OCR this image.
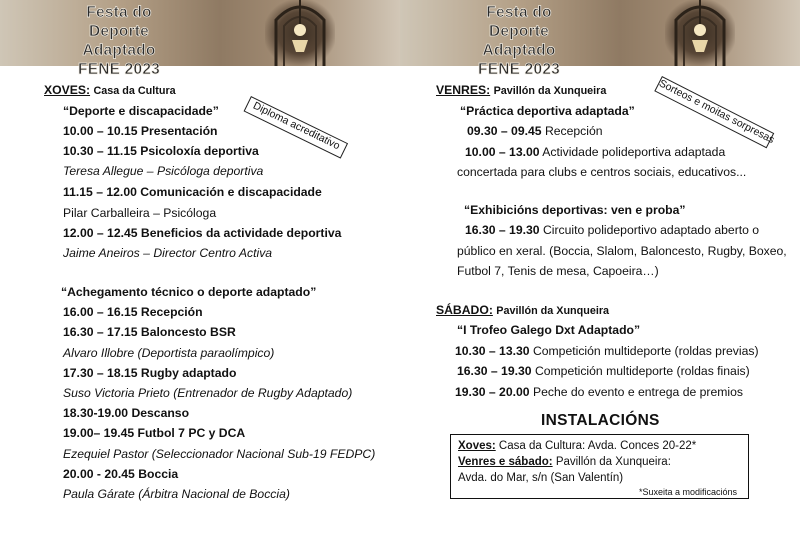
Festa do
Deporte Adaptado
FENE 2023
Festa do
Deporte Adaptado
FENE 2023
XOVES: Casa da Cultura
Diploma acreditativo
“Deporte e discapacidade”
10.00 – 10.15 Presentación
10.30 – 11.15 Psicoloxía deportiva
Teresa Allegue – Psicóloga deportiva
11.15 – 12.00 Comunicación e discapacidade
Pilar Carballeira – Psicóloga
12.00 – 12.45 Beneficios da actividade deportiva
Jaime Aneiros – Director Centro Activa
“Achegamento técnico o deporte adaptado”
16.00 – 16.15 Recepción
16.30 – 17.15 Baloncesto BSR
Alvaro Illobre (Deportista paraolímpico)
17.30 – 18.15 Rugby adaptado
Suso Victoria Prieto (Entrenador de Rugby Adaptado)
18.30-19.00 Descanso
19.00– 19.45 Futbol 7 PC y DCA
Ezequiel Pastor (Seleccionador Nacional Sub-19 FEDPC)
20.00 - 20.45 Boccia
Paula Gárate (Árbitra Nacional de Boccia)
VENRES: Pavillón da Xunqueira	Sorteos e moitas sorpresas
“Práctica deportiva adaptada”
09.30 – 09.45 Recepción
10.00 – 13.00 Actividade polideportiva adaptada
concertada para clubs e centros sociais, educativos...
“Exhibicións deportivas: ven e proba”
16.30 – 19.30 Circuito polideportivo adaptado aberto o
público en xeral. (Boccia, Slalom, Baloncesto, Rugby, Boxeo,
Futbol 7, Tenis de mesa, Capoeira…)
SÁBADO: Pavillón da Xunqueira
“I Trofeo Galego Dxt Adaptado”
10.30 – 13.30 Competición multideporte (roldas previas)
16.30 – 19.30 Competición multideporte (roldas finais)
19.30 – 20.00 Peche do evento e entrega de premios
INSTALACIÓNS
Xoves: Casa da Cultura: Avda. Conces 20-22*
Venres e sábado: Pavillón da Xunqueira:
Avda. do Mar, s/n (San Valentín)
*Suxeita a modificacións
